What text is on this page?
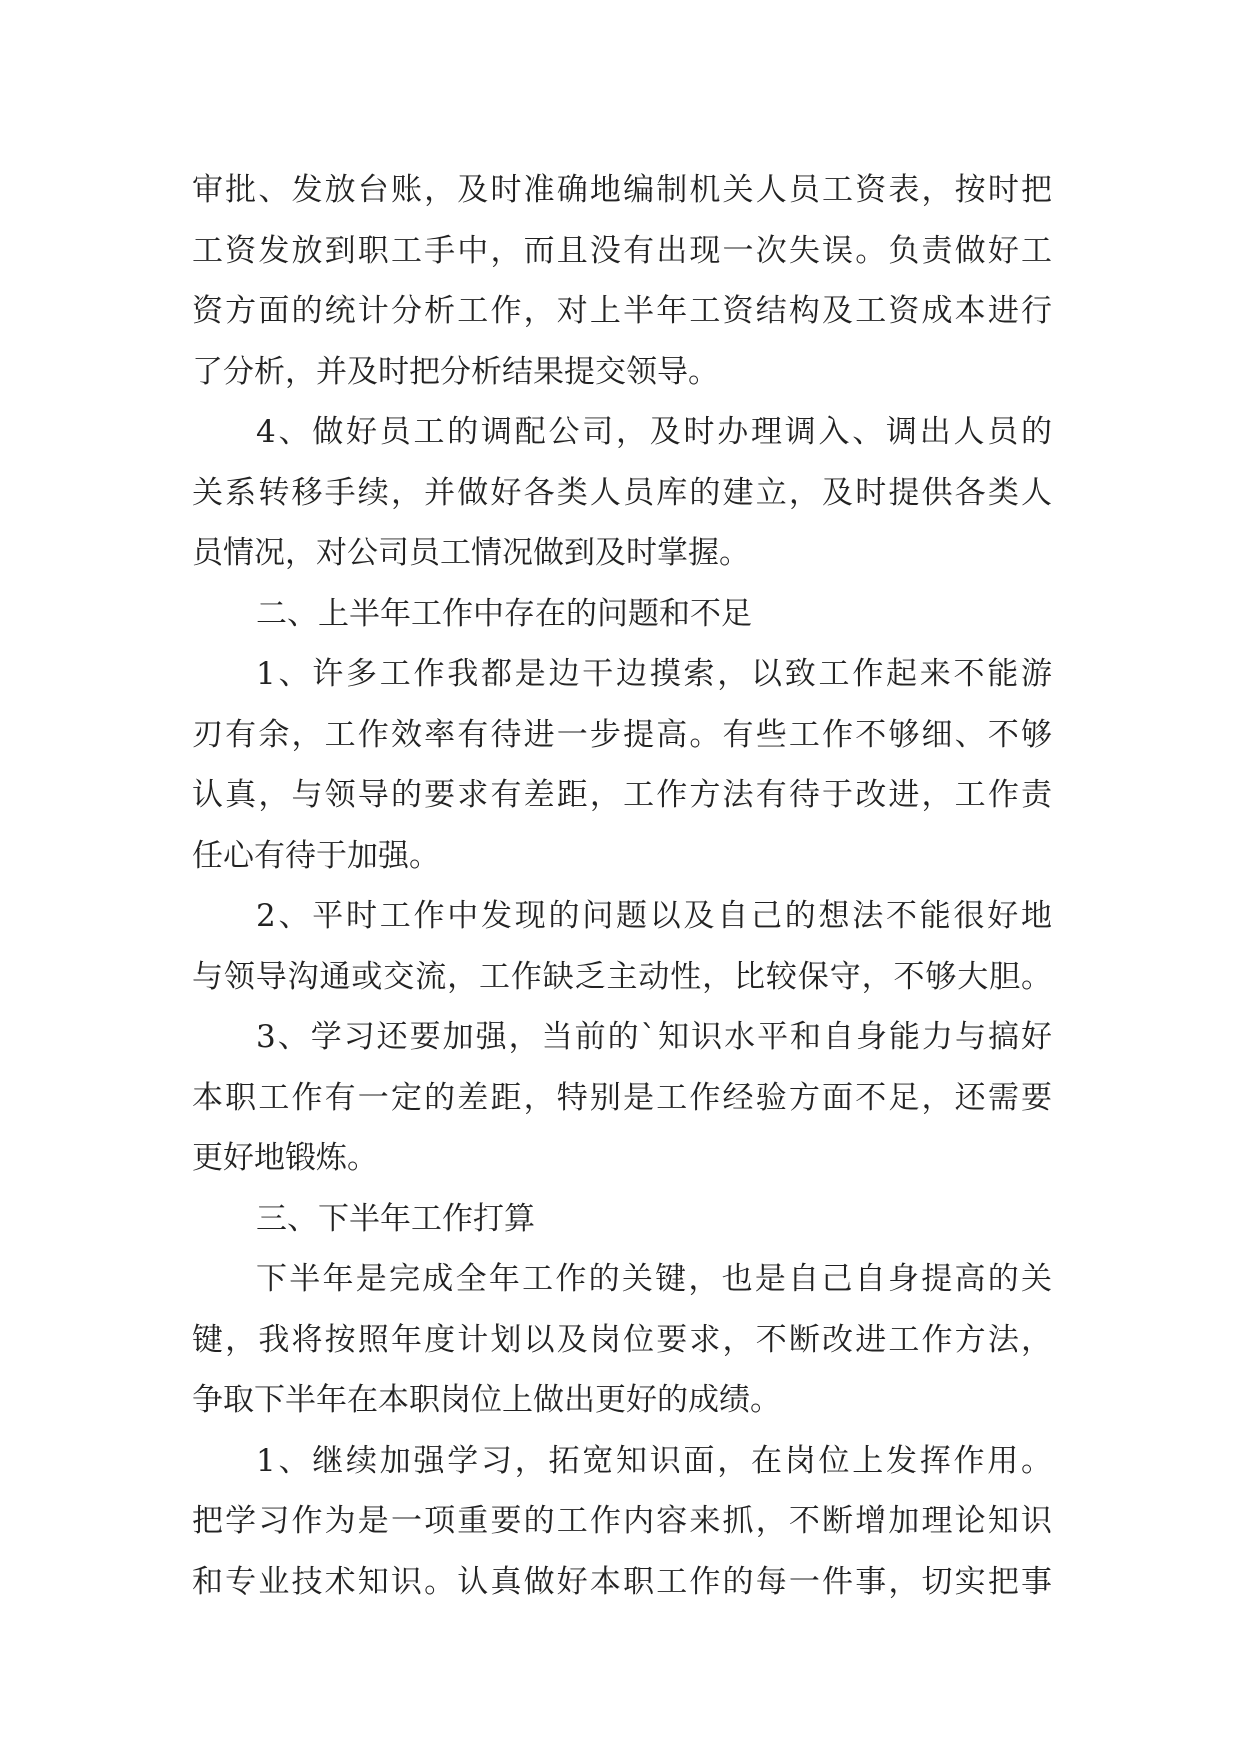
审批、发放台账，及时准确地编制机关人员工资表，按时把
工资发放到职工手中，而且没有出现一次失误。负责做好工
资方面的统计分析工作，对上半年工资结构及工资成本进行
了分析，并及时把分析结果提交领导。
4、做好员工的调配公司，及时办理调入、调出人员的
关系转移手续，并做好各类人员库的建立，及时提供各类人
员情况，对公司员工情况做到及时掌握。
二、上半年工作中存在的问题和不足
1、许多工作我都是边干边摸索，以致工作起来不能游
刃有余，工作效率有待进一步提高。有些工作不够细、不够
认真，与领导的要求有差距，工作方法有待于改进，工作责
任心有待于加强。
2、平时工作中发现的问题以及自己的想法不能很好地
与领导沟通或交流，工作缺乏主动性，比较保守，不够大胆。
3、学习还要加强，当前的`知识水平和自身能力与搞好
本职工作有一定的差距，特别是工作经验方面不足，还需要
更好地锻炼。
三、下半年工作打算
下半年是完成全年工作的关键，也是自己自身提高的关
键，我将按照年度计划以及岗位要求，不断改进工作方法，
争取下半年在本职岗位上做出更好的成绩。
1、继续加强学习，拓宽知识面，在岗位上发挥作用。
把学习作为是一项重要的工作内容来抓，不断增加理论知识
和专业技术知识。认真做好本职工作的每一件事，切实把事
